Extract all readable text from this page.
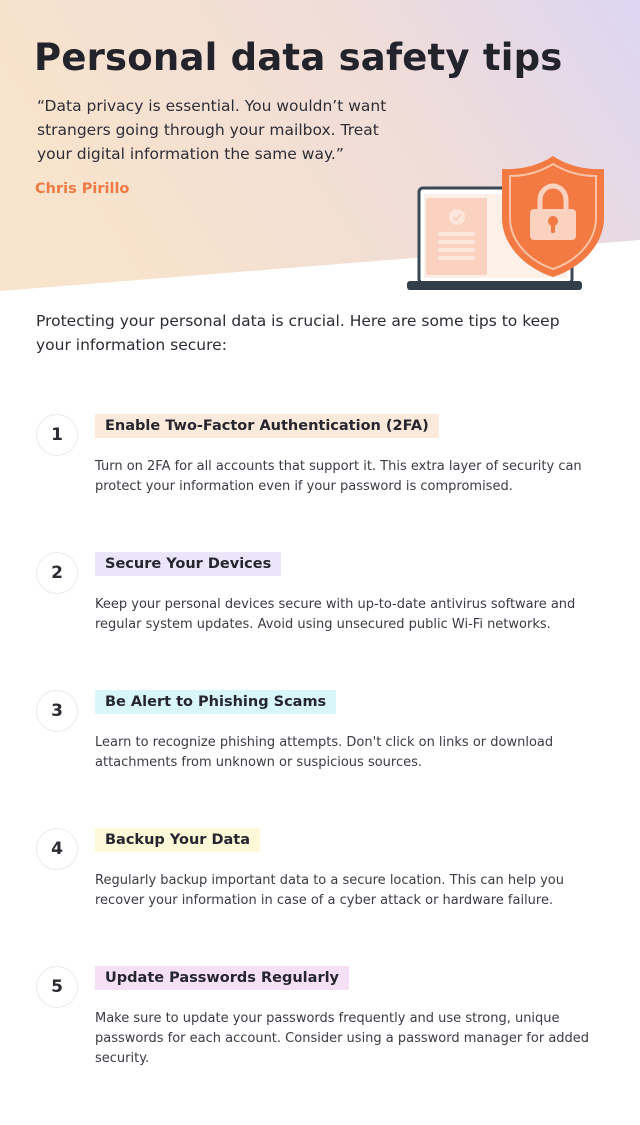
Personal data safety tips

“Data privacy is essential. You wouldn’t want strangers going through your mailbox. Treat your digital information the same way.”

Chris Pirillo

Protecting your personal data is crucial. Here are some tips to keep your information secure:

1	Enable Two-Factor Authentication (2FA)

Turn on 2FA for all accounts that support it. This extra layer of security can protect your information even if your password is compromised.

2	Secure Your Devices

Keep your personal devices secure with up-to-date antivirus software and regular system updates. Avoid using unsecured public Wi-Fi networks.

3	Be Alert to Phishing Scams

Learn to recognize phishing attempts. Don't click on links or download attachments from unknown or suspicious sources.

4	Backup Your Data

Regularly backup important data to a secure location. This can help you recover your information in case of a cyber attack or hardware failure.

5	Update Passwords Regularly

Make sure to update your passwords frequently and use strong, unique passwords for each account. Consider using a password manager for added security.
